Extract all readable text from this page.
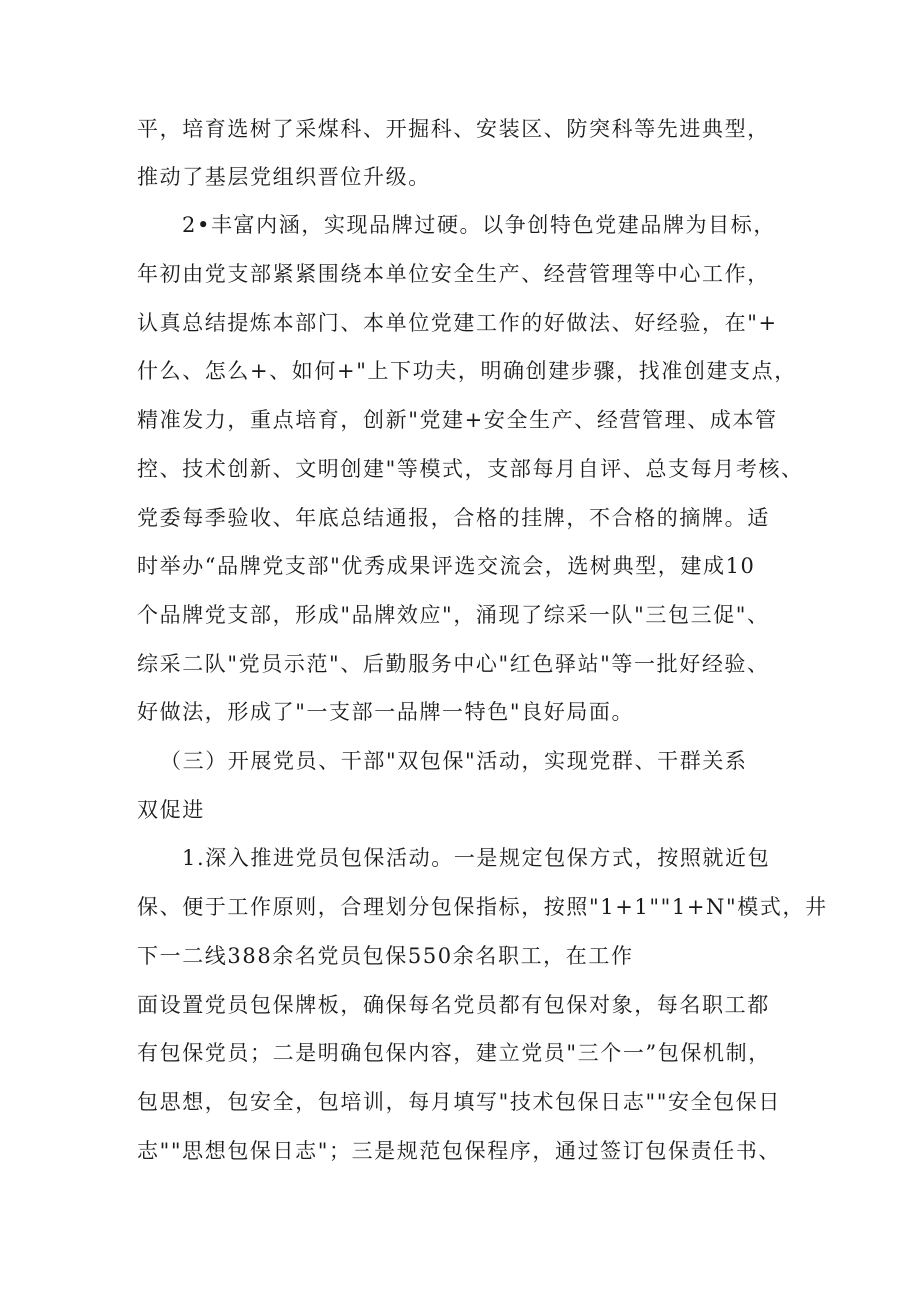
平，培育选树了采煤科、开掘科、安装区、防突科等先进典型，
推动了基层党组织晋位升级。
2•丰富内涵，实现品牌过硬。以争创特色党建品牌为目标，
年初由党支部紧紧围绕本单位安全生产、经营管理等中心工作，
认真总结提炼本部门、本单位党建工作的好做法、好经验，在"+
什么、怎么+、如何+"上下功夫，明确创建步骤，找准创建支点，
精准发力，重点培育，创新"党建+安全生产、经营管理、成本管
控、技术创新、文明创建"等模式，支部每月自评、总支每月考核、
党委每季验收、年底总结通报，合格的挂牌，不合格的摘牌。适
时举办“品牌党支部"优秀成果评选交流会，选树典型，建成10
个品牌党支部，形成"品牌效应"，涌现了综采一队"三包三促"、
综采二队"党员示范"、后勤服务中心"红色驿站"等一批好经验、
好做法，形成了"一支部一品牌一特色"良好局面。
（三）开展党员、干部"双包保"活动，实现党群、干群关系
双促进
1.深入推进党员包保活动。一是规定包保方式，按照就近包
保、便于工作原则，合理划分包保指标，按照"1+1""1+N"模式，井
下一二线388余名党员包保550余名职工，在工作
面设置党员包保牌板，确保每名党员都有包保对象，每名职工都
有包保党员；二是明确包保内容，建立党员"三个一”包保机制，
包思想，包安全，包培训，每月填写"技术包保日志""安全包保日
志""思想包保日志"；三是规范包保程序，通过签订包保责任书、
